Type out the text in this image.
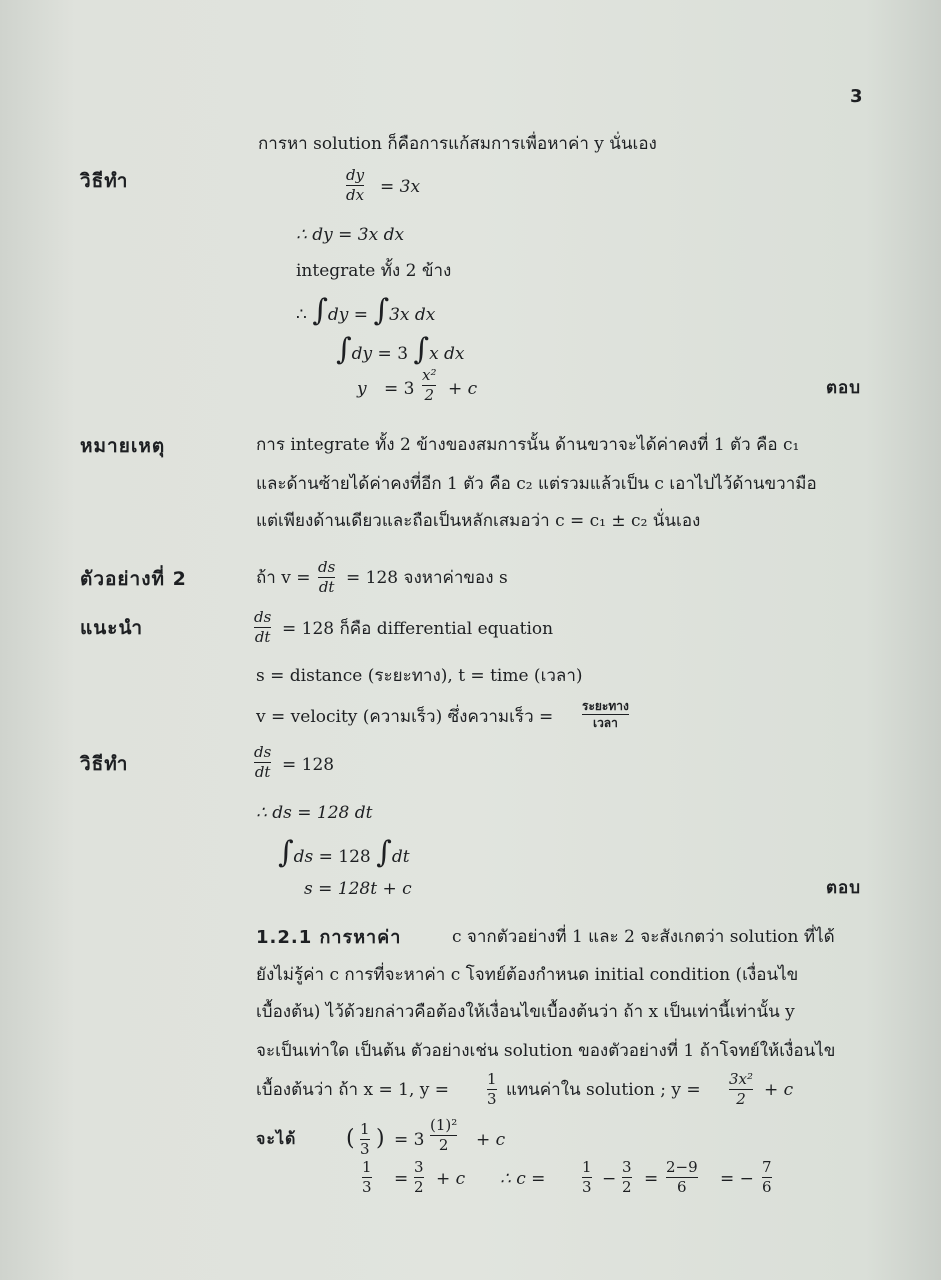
3
การหา solution ก็คือการแก้สมการเพื่อหาค่า y นั่นเอง
วิธีทำ	dy
dx = 3x
∴ dy = 3x dx
integrate ทั้ง 2 ข้าง
∴ ∫dy = ∫3x dx
∫dy = 3 ∫x dx
y = 3
x²
2 + c	ตอบ
หมายเหตุ	การ integrate ทั้ง 2 ข้างของสมการนั้น ด้านขวาจะได้ค่าคงที่ 1 ตัว คือ c₁
และด้านซ้ายได้ค่าคงที่อีก 1 ตัว คือ c₂ แต่รวมแล้วเป็น c เอาไปไว้ด้านขวามือ
แต่เพียงด้านเดียวและถือเป็นหลักเสมอว่า c = c₁ ± c₂ นั่นเอง
ตัวอย่างที่ 2	ถ้า v =
ds
dt = 128 จงหาค่าของ s
แนะนำ	ds
dt = 128 ก็คือ differential equation
s = distance (ระยะทาง), t = time (เวลา)
v = velocity (ความเร็ว) ซึ่งความเร็ว =
ระยะทาง
เวลา
วิธีทำ
ds
dt = 128
∴ ds = 128 dt
∫ds = 128 ∫dt
s = 128t + c	ตอบ
1.2.1 การหาค่า	c จากตัวอย่างที่ 1 และ 2 จะสังเกตว่า solution ที่ได้
ยังไม่รู้ค่า c การที่จะหาค่า c โจทย์ต้องกำหนด initial condition (เงื่อนไข
เบื้องต้น) ไว้ด้วยกล่าวคือต้องให้เงื่อนไขเบื้องต้นว่า ถ้า x เป็นเท่านี้เท่านั้น y
จะเป็นเท่าใด เป็นต้น ตัวอย่างเช่น solution ของตัวอย่างที่ 1 ถ้าโจทย์ให้เงื่อนไข
เบื้องต้นว่า ถ้า x = 1, y =
1
3 แทนค่าใน solution ; y =
3x²
2 + c
จะได้ ( 1
3 ) = 3
(1)²
2 + c
1
3 =
3
2 + c ∴ c =
1
3 −
3
2 =
2−9
6 = −
7
6
